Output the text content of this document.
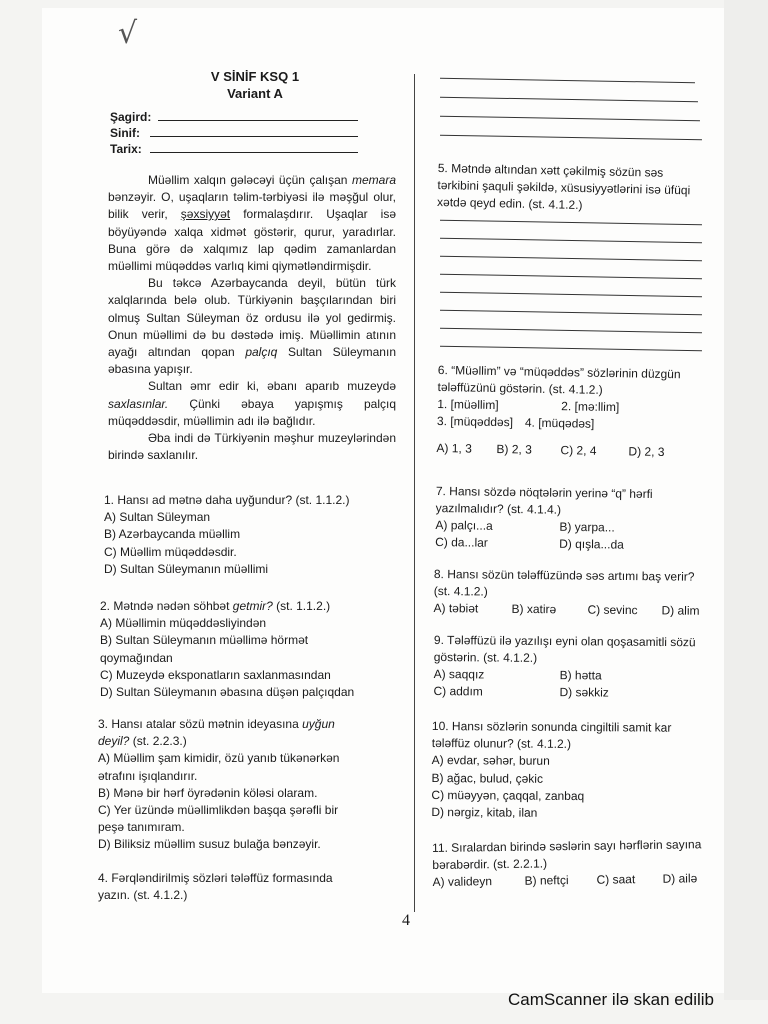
√
V SİNİF KSQ 1
Variant A
Şagird:
Sinif:
Tarix:

Müəllim xalqın gələcəyi üçün çalışan memara bənzəyir. O, uşaqların təlim-tərbiyəsi ilə məşğul olur, bilik verir, şəxsiyyət formalaşdırır. Uşaqlar isə böyüyəndə xalqa xidmət göstərir, qurur, yaradırlar. Buna görə də xalqımız lap qədim zamanlardan müəllimi müqəddəs varlıq kimi qiymətləndirmişdir.

Bu təkcə Azərbaycanda deyil, bütün türk xalqlarında belə olub. Türkiyənin başçılarından biri olmuş Sultan Süleyman öz ordusu ilə yol gedirmiş. Onun müəllimi də bu dəstədə imiş. Müəllimin atının ayağı altından qopan palçıq Sultan Süleymanın əbasına yapışır.

Sultan əmr edir ki, əbanı aparıb muzeydə saxlasınlar. Çünki əbaya yapışmış palçıq müqəddəsdir, müəllimin adı ilə bağlıdır.

Əba indi də Türkiyənin məşhur muzeylərindən birində saxlanılır.

1. Hansı ad mətnə daha uyğundur? (st. 1.1.2.)
A) Sultan Süleyman
B) Azərbaycanda müəllim
C) Müəllim müqəddəsdir.
D) Sultan Süleymanın müəllimi
2. Mətndə nədən söhbət getmir? (st. 1.1.2.)
A) Müəllimin müqəddəsliyindən
B) Sultan Süleymanın müəllimə hörmət
qoymağından
C) Muzeydə eksponatların saxlanmasından
D) Sultan Süleymanın əbasına düşən palçıqdan
3. Hansı atalar sözü mətnin ideyasına uyğun
deyil? (st. 2.2.3.)
A) Müəllim şam kimidir, özü yanıb tükənərkən
ətrafını işıqlandırır.
B) Mənə bir hərf öyrədənin köləsi olaram.
C) Yer üzündə müəllimlikdən başqa şərəfli bir
peşə tanımıram.
D) Biliksiz müəllim susuz bulağa bənzəyir.
4. Fərqləndirilmiş sözləri tələffüz formasında
yazın. (st. 4.1.2.)
5. Mətndə altından xətt çəkilmiş sözün səs
tərkibini şaquli şəkildə, xüsusiyyətlərini isə üfüqi
xətdə qeyd edin. (st. 4.1.2.)
6. “Müəllim” və “müqəddəs” sözlərinin düzgün
tələffüzünü göstərin. (st. 4.1.2.)
1. [müəllim]	2. [mə:llim]
3. [müqəddəs] 4. [müqədəs]
A) 1, 3 B) 2, 3 C) 2, 4	D) 2, 3
7. Hansı sözdə nöqtələrin yerinə “q” hərfi
yazılmalıdır? (st. 4.1.4.)
A) palçı...a	B) yarpa...
C) da...lar	D) qışla...da
8. Hansı sözün tələffüzündə səs artımı baş verir?
(st. 4.1.2.)
A) təbiət	B) xatirə	C) sevinc D) alim
9. Tələffüzü ilə yazılışı eyni olan qoşasamitli sözü
göstərin. (st. 4.1.2.)
A) saqqız	B) hətta
C) addım	D) səkkiz
10. Hansı sözlərin sonunda cingiltili samit kar
tələffüz olunur? (st. 4.1.2.)
A) evdar, səhər, burun
B) ağac, bulud, çəkic
C) müəyyən, çaqqal, zanbaq
D) nərgiz, kitab, ilan
11. Sıralardan birində səslərin sayı hərflərin sayına
bərabərdir. (st. 2.2.1.)
A) valideyn	B) neftçi C) saat D) ailə
4
CamScanner ilə skan edilib
